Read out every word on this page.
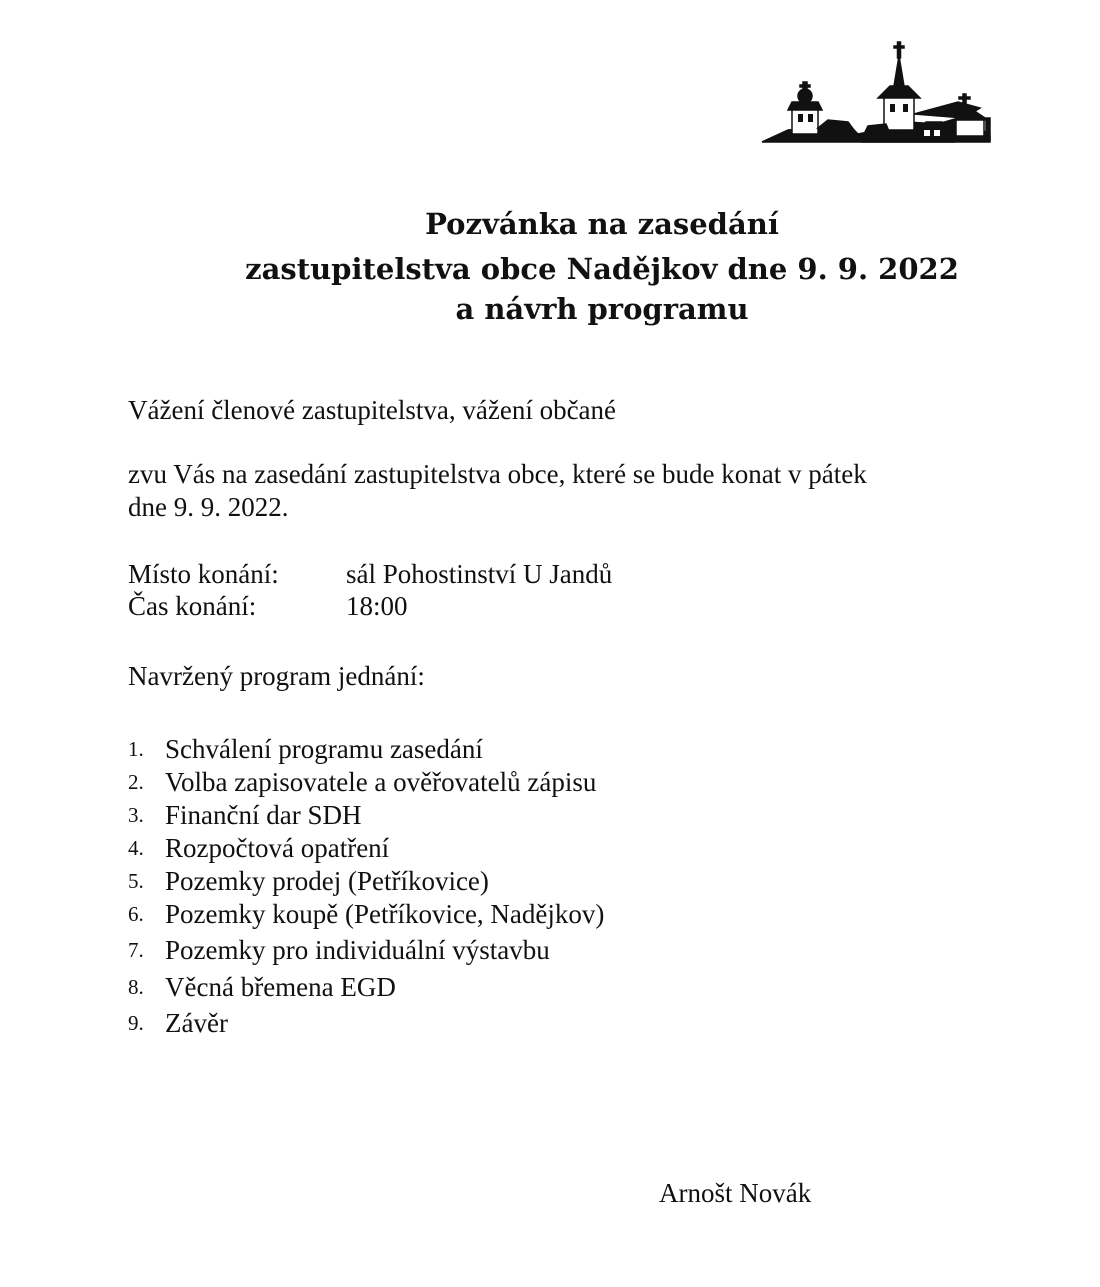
Pozvánka na zasedání
zastupitelstva obce Nadějkov dne 9. 9. 2022
a návrh programu
Vážení členové zastupitelstva, vážení občané
zvu Vás na zasedání zastupitelstva obce, které se bude konat v pátek
dne 9. 9. 2022.
Místo konání: sál Pohostinství U Jandů
Čas konání:	18:00
Navržený program jednání:
1. Schválení programu zasedání
2. Volba zapisovatele a ověřovatelů zápisu
3. Finanční dar SDH
4. Rozpočtová opatření
5. Pozemky prodej (Petříkovice)
6. Pozemky koupě (Petříkovice, Nadějkov)
7. Pozemky pro individuální výstavbu
8. Věcná břemena EGD
9. Závěr
Arnošt Novák
